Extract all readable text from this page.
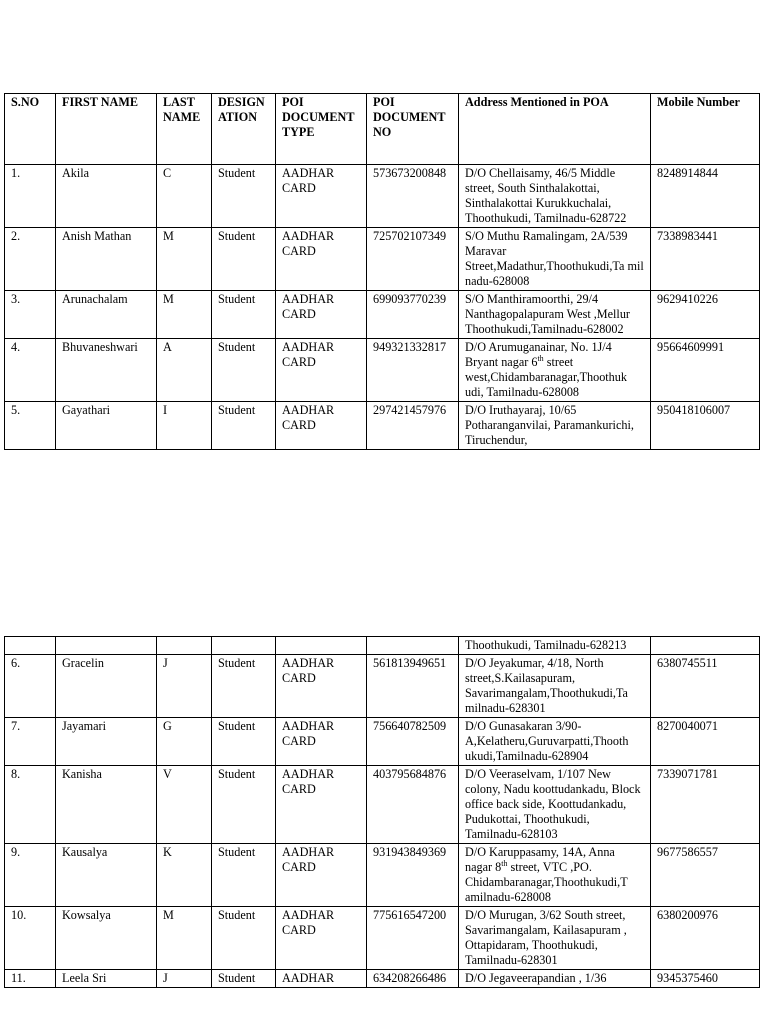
S.NO	FIRST NAME	LAST NAME	DESIGN ATION	POI DOCUMENT TYPE	POI DOCUMENT NO	Address Mentioned in POA	Mobile Number
1.	Akila	C	Student	AADHAR CARD	573673200848	D/O Chellaisamy, 46/5 Middle street, South Sinthalakottai, Sinthalakottai Kurukkuchalai, Thoothukudi, Tamilnadu-628722	8248914844
2.	Anish Mathan	M	Student	AADHAR CARD	725702107349	S/O Muthu Ramalingam, 2A/539 Maravar Street,Madathur,Thoothukudi,Ta mil nadu-628008	7338983441
3.	Arunachalam	M	Student	AADHAR CARD	699093770239	S/O Manthiramoorthi, 29/4 Nanthagopalapuram West ,Mellur Thoothukudi,Tamilnadu-628002	9629410226
4.	Bhuvaneshwari	A	Student	AADHAR CARD	949321332817	D/O Arumuganainar, No. 1J/4 Bryant nagar 6th street west,Chidambaranagar,Thoothuk udi, Tamilnadu-628008	95664609991
5.	Gayathari	I	Student	AADHAR CARD	297421457976	D/O Iruthayaraj, 10/65 Potharanganvilai, Paramankurichi, Tiruchendur,	950418106007
						Thoothukudi, Tamilnadu-628213	
6.	Gracelin	J	Student	AADHAR CARD	561813949651	D/O Jeyakumar, 4/18, North street,S.Kailasapuram, Savarimangalam,Thoothukudi,Ta milnadu-628301	6380745511
7.	Jayamari	G	Student	AADHAR CARD	756640782509	D/O Gunasakaran 3/90- A,Kelatheru,Guruvarpatti,Thooth ukudi,Tamilnadu-628904	8270040071
8.	Kanisha	V	Student	AADHAR CARD	403795684876	D/O Veeraselvam, 1/107 New colony, Nadu koottudankadu, Block office back side, Koottudankadu, Pudukottai, Thoothukudi, Tamilnadu-628103	7339071781
9.	Kausalya	K	Student	AADHAR CARD	931943849369	D/O Karuppasamy, 14A, Anna nagar 8th street, VTC ,PO. Chidambaranagar,Thoothukudi,T amilnadu-628008	9677586557
10.	Kowsalya	M	Student	AADHAR CARD	775616547200	D/O Murugan, 3/62 South street, Savarimangalam, Kailasapuram , Ottapidaram, Thoothukudi, Tamilnadu-628301	6380200976
11.	Leela Sri	J	Student	AADHAR	634208266486	D/O Jegaveerapandian , 1/36	9345375460
